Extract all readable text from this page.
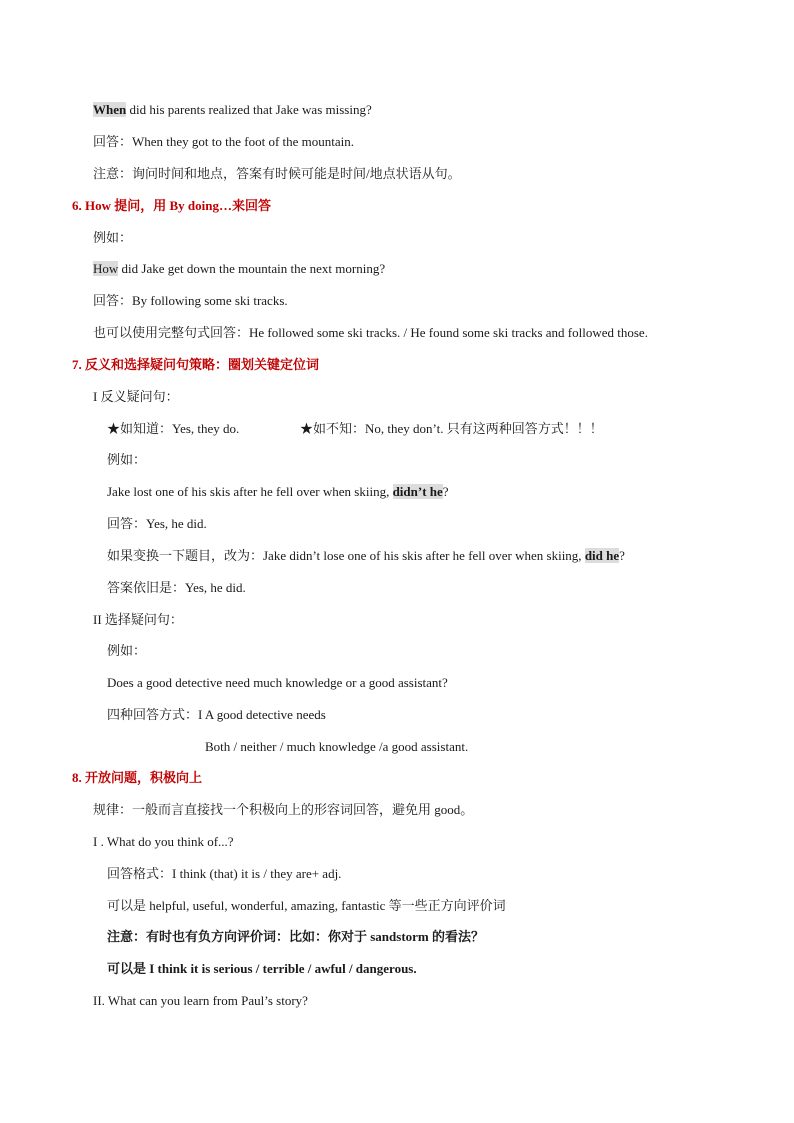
When did his parents realized that Jake was missing?
回答：When they got to the foot of the mountain.
注意：询问时间和地点，答案有时候可能是时间/地点状语从句。
6. How 提问，用 By doing…来回答
例如：
How did Jake get down the mountain the next morning?
回答：By following some ski tracks.
也可以使用完整句式回答：He followed some ski tracks. / He found some ski tracks and followed those.
7. 反义和选择疑问句策略：圈划关键定位词
I 反义疑问句：
★如知道：Yes, they do.	★如不知：No, they don’t. 只有这两种回答方式！！！
例如：
Jake lost one of his skis after he fell over when skiing, didn’t he?
回答：Yes, he did.
如果变换一下题目，改为：Jake didn’t lose one of his skis after he fell over when skiing, did he?
答案依旧是：Yes, he did.
II 选择疑问句：
例如：
Does a good detective need much knowledge or a good assistant?
四种回答方式：I A good detective needs
Both / neither / much knowledge /a good assistant.
8. 开放问题，积极向上
规律：一般而言直接找一个积极向上的形容词回答，避免用 good。
I . What do you think of...?
回答格式：I think (that) it is / they are+ adj.
可以是 helpful, useful, wonderful, amazing, fantastic 等一些正方向评价词
注意：有时也有负方向评价词：比如：你对于 sandstorm 的看法？
可以是 I think it is serious / terrible / awful / dangerous.
II. What can you learn from Paul’s story?
